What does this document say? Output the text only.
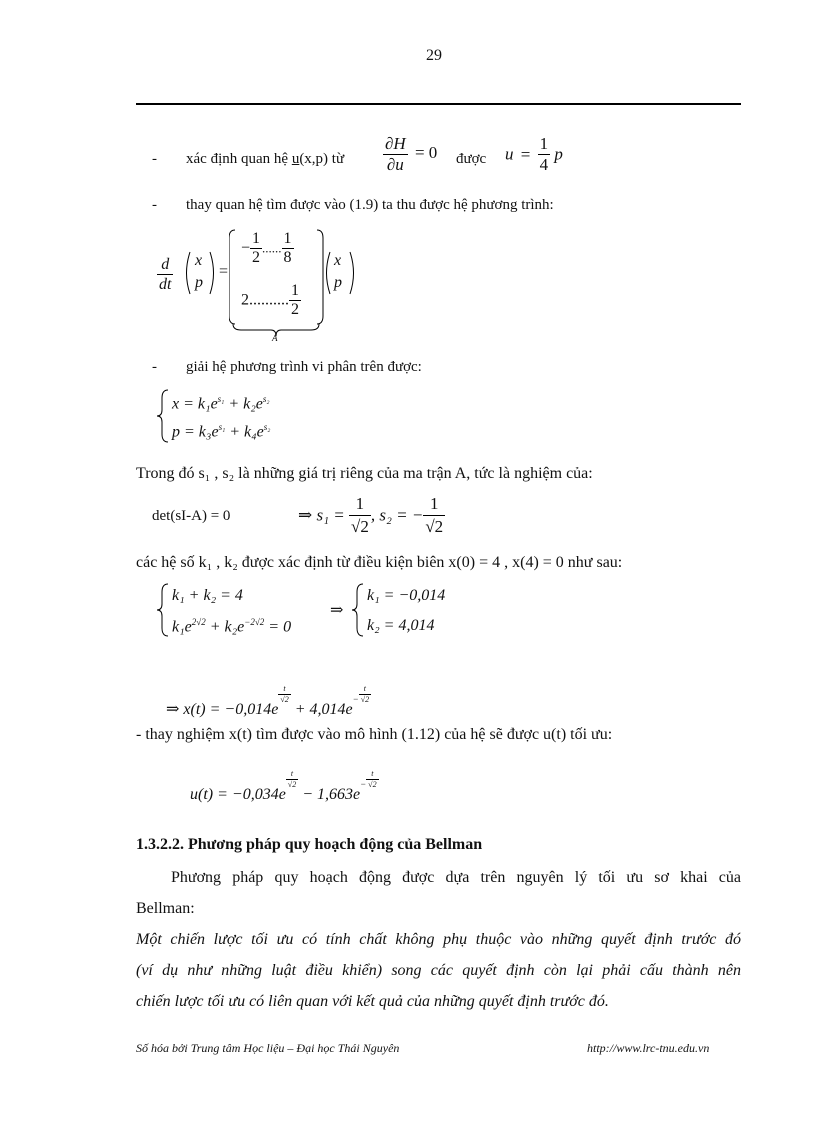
29
- xác định quan hệ u(x,p) từ $\frac{\partial H}{\partial u} = 0$ được $u = \frac{1}{4}$ p
- thay quan hệ tìm được vào (1.9) ta thu được hệ phương trình:
$\frac{d}{dt}$ x
p
=
− $\frac{1}{2}$ ...... $\frac{1}{8}$
2.......... $\frac{1}{2}$
A
x
p
- giải hệ phương trình vi phân trên được:
$x = k_1e^{s_1} + k_2e^{s_2}$
$p = k_3e^{s_1} + k_4e^{s_2}$
Trong đó s₁ , s₂ là những giá trị riêng của ma trận A, tức là nghiệm của:
det(sI-A) = 0	⇒ $s_1 = \frac{1}{√2}$ , s₂ = − $\frac{1}{√2}$
các hệ số k₁ , k₂ được xác định từ điều kiện biên x(0) = 4 , x(4) = 0 như sau:
k₁ + k₂ = 4
$k_1e^{2√2} + k_2e^{-2√2} = 0$
⇒
k₁ = −0,014
k₂ = 4,014
⇒ x(t) = −0,014e
$\frac{t}{√2}$
+ $4,014e^- \frac{t}{√2}$
- thay nghiệm x(t) tìm được vào mô hình (1.12) của hệ sẽ được u(t) tối ưu:
u(t) = −0,034e
$\frac{t}{√2}$
− $1,663e^- \frac{t}{√2}$
1.3.2.2. Phương pháp quy hoạch động của Bellman
Phương pháp quy hoạch động được dựa trên nguyên lý tối ưu sơ khai của
Bellman:
Một chiến lược tối ưu có tính chất không phụ thuộc vào những quyết định trước đó
(ví dụ như những luật điều khiển) song các quyết định còn lại phải cấu thành nên
chiến lược tối ưu có liên quan với kết quả của những quyết định trước đó.
Số hóa bởi Trung tâm Học liệu – Đại học Thái Nguyên	http://www.lrc-tnu.edu.vn
